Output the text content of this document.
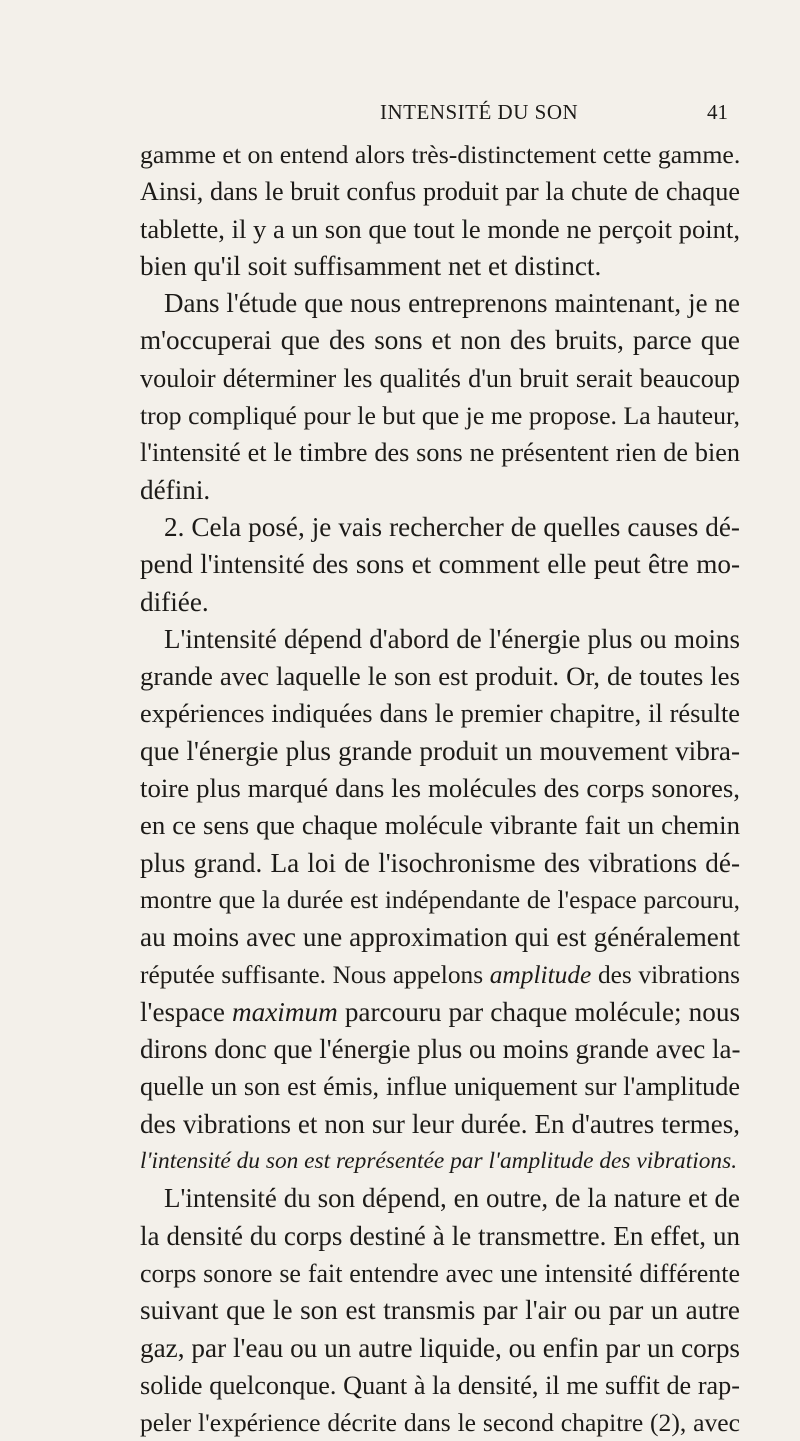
INTENSITÉ DU SON	41
gamme et on entend alors très-distinctement cette gamme.
Ainsi, dans le bruit confus produit par la chute de chaque
tablette, il y a un son que tout le monde ne perçoit point,
bien qu'il soit suffisamment net et distinct.
Dans l'étude que nous entreprenons maintenant, je ne
m'occuperai que des sons et non des bruits, parce que
vouloir déterminer les qualités d'un bruit serait beaucoup
trop compliqué pour le but que je me propose. La hauteur,
l'intensité et le timbre des sons ne présentent rien de bien
défini.
2. Cela posé, je vais rechercher de quelles causes dé-
pend l'intensité des sons et comment elle peut être mo-
difiée.
L'intensité dépend d'abord de l'énergie plus ou moins
grande avec laquelle le son est produit. Or, de toutes les
expériences indiquées dans le premier chapitre, il résulte
que l'énergie plus grande produit un mouvement vibra-
toire plus marqué dans les molécules des corps sonores,
en ce sens que chaque molécule vibrante fait un chemin
plus grand. La loi de l'isochronisme des vibrations dé-
montre que la durée est indépendante de l'espace parcouru,
au moins avec une approximation qui est généralement
réputée suffisante. Nous appelons amplitude des vibrations
l'espace maximum parcouru par chaque molécule; nous
dirons donc que l'énergie plus ou moins grande avec la-
quelle un son est émis, influe uniquement sur l'amplitude
des vibrations et non sur leur durée. En d'autres termes,
l'intensité du son est représentée par l'amplitude des vibrations.
L'intensité du son dépend, en outre, de la nature et de
la densité du corps destiné à le transmettre. En effet, un
corps sonore se fait entendre avec une intensité différente
suivant que le son est transmis par l'air ou par un autre
gaz, par l'eau ou un autre liquide, ou enfin par un corps
solide quelconque. Quant à la densité, il me suffit de rap-
peler l'expérience décrite dans le second chapitre (2), avec
